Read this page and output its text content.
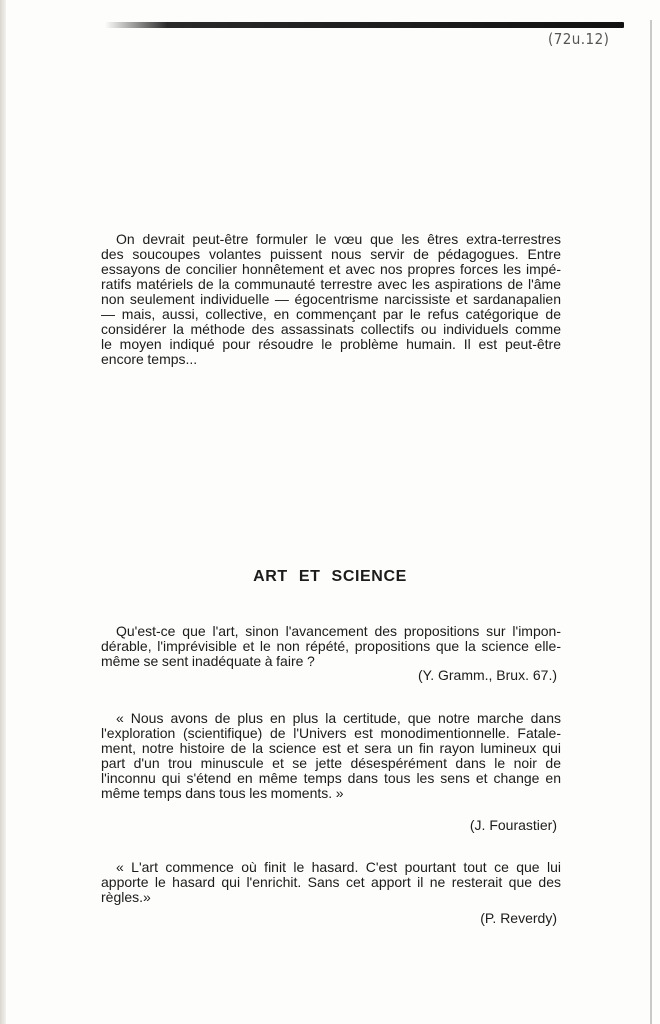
(72u.12)
On devrait peut-être formuler le vœu que les êtres extra-terrestres
des soucoupes volantes puissent nous servir de pédagogues. Entre
essayons de concilier honnêtement et avec nos propres forces les impé-
ratifs matériels de la communauté terrestre avec les aspirations de l'âme
non seulement individuelle — égocentrisme narcissiste et sardanapalien
— mais, aussi, collective, en commençant par le refus catégorique de
considérer la méthode des assassinats collectifs ou individuels comme
le moyen indiqué pour résoudre le problème humain. Il est peut-être
encore temps...
ART ET SCIENCE
Qu'est-ce que l'art, sinon l'avancement des propositions sur l'impon-
dérable, l'imprévisible et le non répété, propositions que la science elle-
même se sent inadéquate à faire ?
(Y. Gramm., Brux. 67.)
« Nous avons de plus en plus la certitude, que notre marche dans
l'exploration (scientifique) de l'Univers est monodimentionnelle. Fatale-
ment, notre histoire de la science est et sera un fin rayon lumineux qui
part d'un trou minuscule et se jette désespérément dans le noir de
l'inconnu qui s'étend en même temps dans tous les sens et change en
même temps dans tous les moments. »
(J. Fourastier)
« L'art commence où finit le hasard. C'est pourtant tout ce que lui
apporte le hasard qui l'enrichit. Sans cet apport il ne resterait que des
règles.»
(P. Reverdy)
